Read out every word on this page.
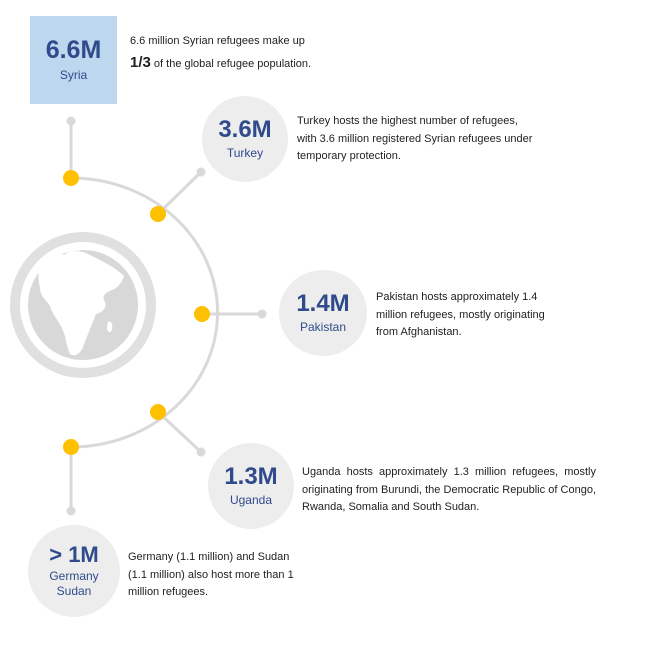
6.6M
Syria
6.6 million Syrian refugees make up
1/3 of the global refugee population.
3.6M
Turkey
Turkey hosts the highest number of refugees, with 3.6 million registered Syrian refugees under temporary protection.
1.4M
Pakistan
Pakistan hosts approximately 1.4 million refugees, mostly originating from Afghanistan.
1.3M
Uganda
Uganda hosts approximately 1.3 million refugees, mostly originating from Burundi, the Democratic Republic of Congo, Rwanda, Somalia and South Sudan.
> 1M
Germany
Sudan
Germany (1.1 million) and Sudan (1.1 million) also host more than 1 million refugees.
